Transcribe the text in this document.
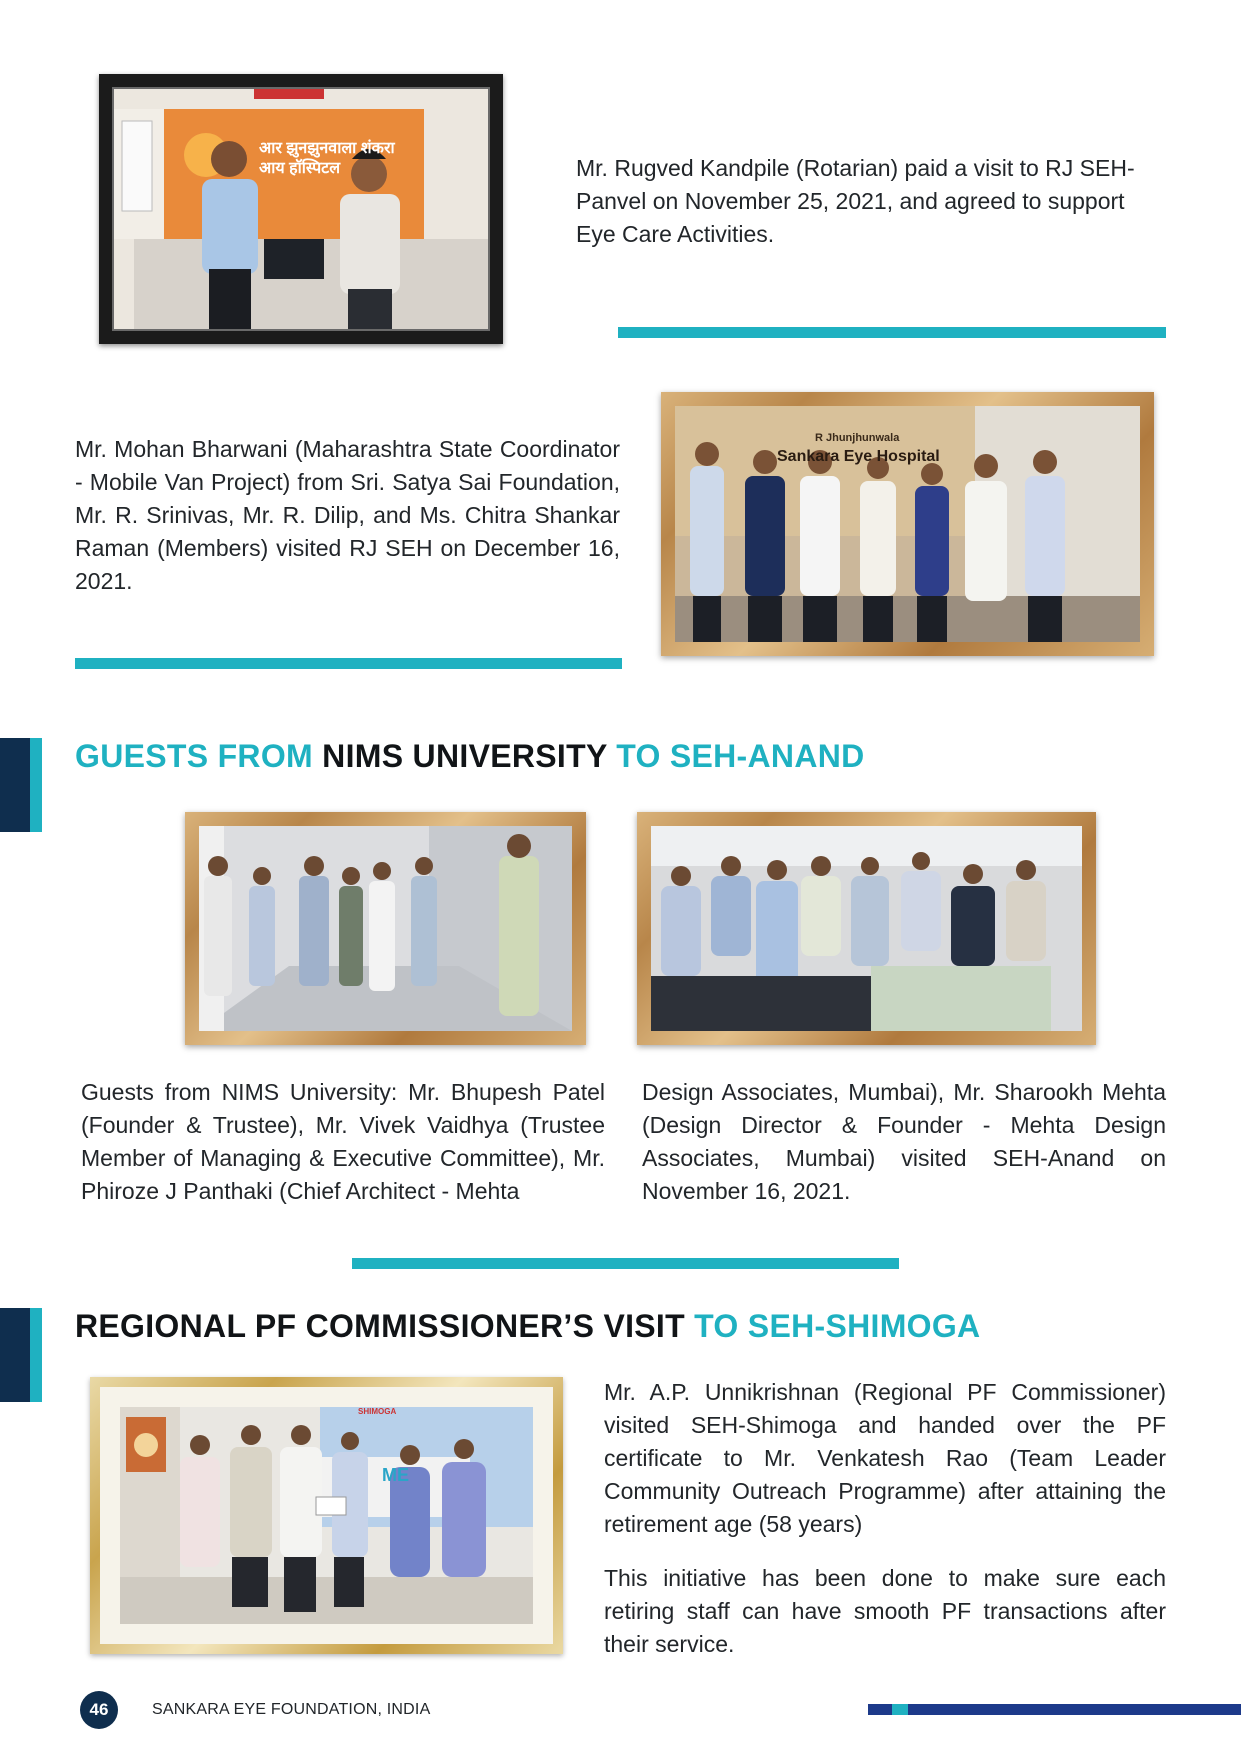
आर झुनझुनवाला शंकरा आय हॉस्पिटल	Mr. Rugved Kandpile (Rotarian) paid a visit to RJ SEH-Panvel on November 25, 2021, and agreed to support Eye Care Activities.
Mr. Mohan Bharwani (Maharashtra State Coordinator - Mobile Van Project) from Sri. Satya Sai Foundation, Mr. R. Srinivas, Mr. R. Dilip, and Ms. Chitra Shankar Raman (Members) visited RJ SEH on December 16, 2021.
R Jhunjhunwala
Sankara Eye Hospital
GUESTS FROM NIMS UNIVERSITY TO SEH-ANAND
Guests from NIMS University: Mr. Bhupesh Patel (Founder & Trustee), Mr. Vivek Vaidhya (Trustee Member of Managing & Executive Committee), Mr. Phiroze J Panthaki (Chief Architect - Mehta
Design Associates, Mumbai), Mr. Sharookh Mehta (Design Director & Founder - Mehta Design Associates, Mumbai) visited SEH-Anand on November 16, 2021.
REGIONAL PF COMMISSIONER’S VISIT TO SEH-SHIMOGA
SHIMOGA
ME
Mr. A.P. Unnikrishnan (Regional PF Commissioner) visited SEH-Shimoga and handed over the PF certificate to Mr. Venkatesh Rao (Team Leader Community Outreach Programme) after attaining the retirement age (58 years)
This initiative has been done to make sure each retiring staff can have smooth PF transactions after their service.
46	SANKARA EYE FOUNDATION, INDIA
